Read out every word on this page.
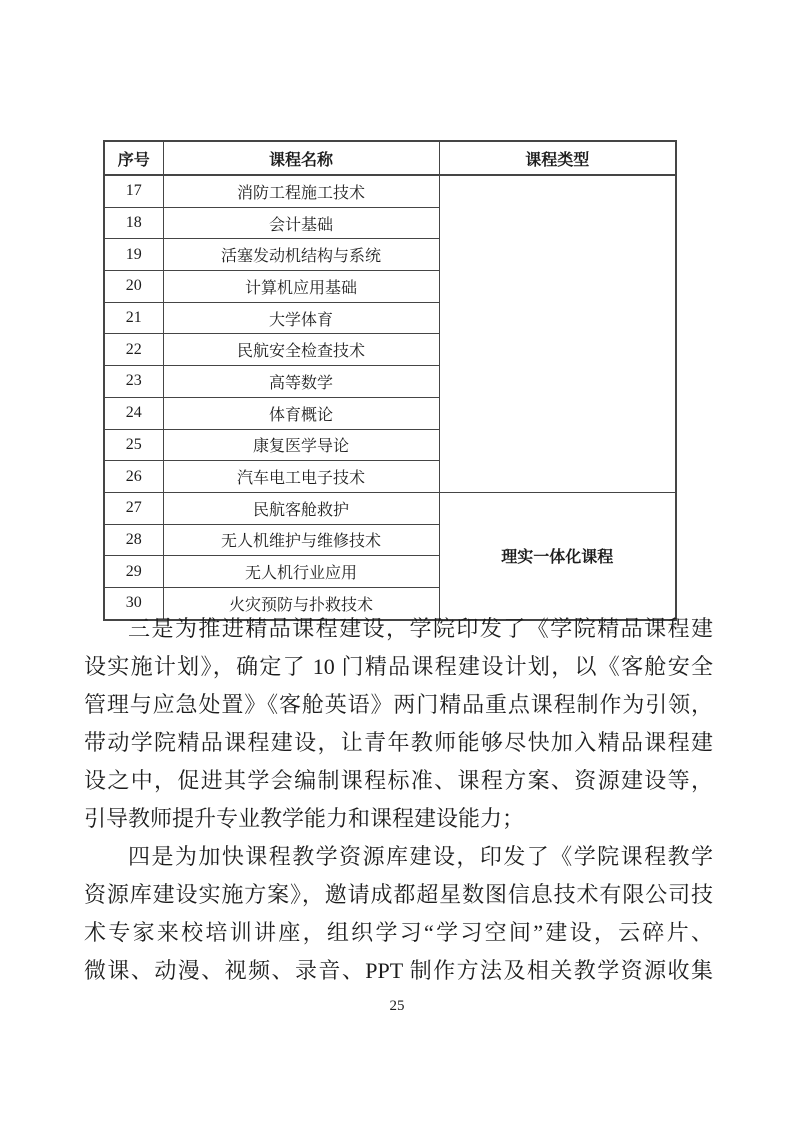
序号	课程名称	课程类型
17	消防工程施工技术	
18	会计基础	
19	活塞发动机结构与系统	
20	计算机应用基础	
21	大学体育	
22	民航安全检查技术	
23	高等数学	
24	体育概论	
25	康复医学导论	
26	汽车电工电子技术	
27	民航客舱救护	理实一体化课程
28	无人机维护与维修技术	
29	无人机行业应用	
30	火灾预防与扑救技术	
三是为推进精品课程建设，学院印发了《学院精品课程建
设实施计划》，确定了 10 门精品课程建设计划，以《客舱安全
管理与应急处置》《客舱英语》两门精品重点课程制作为引领，
带动学院精品课程建设，让青年教师能够尽快加入精品课程建
设之中，促进其学会编制课程标准、课程方案、资源建设等，
引导教师提升专业教学能力和课程建设能力；
四是为加快课程教学资源库建设，印发了《学院课程教学
资源库建设实施方案》，邀请成都超星数图信息技术有限公司技
术专家来校培训讲座，组织学习“学习空间”建设，云碎片、
微课、动漫、视频、录音、PPT 制作方法及相关教学资源收集
25
